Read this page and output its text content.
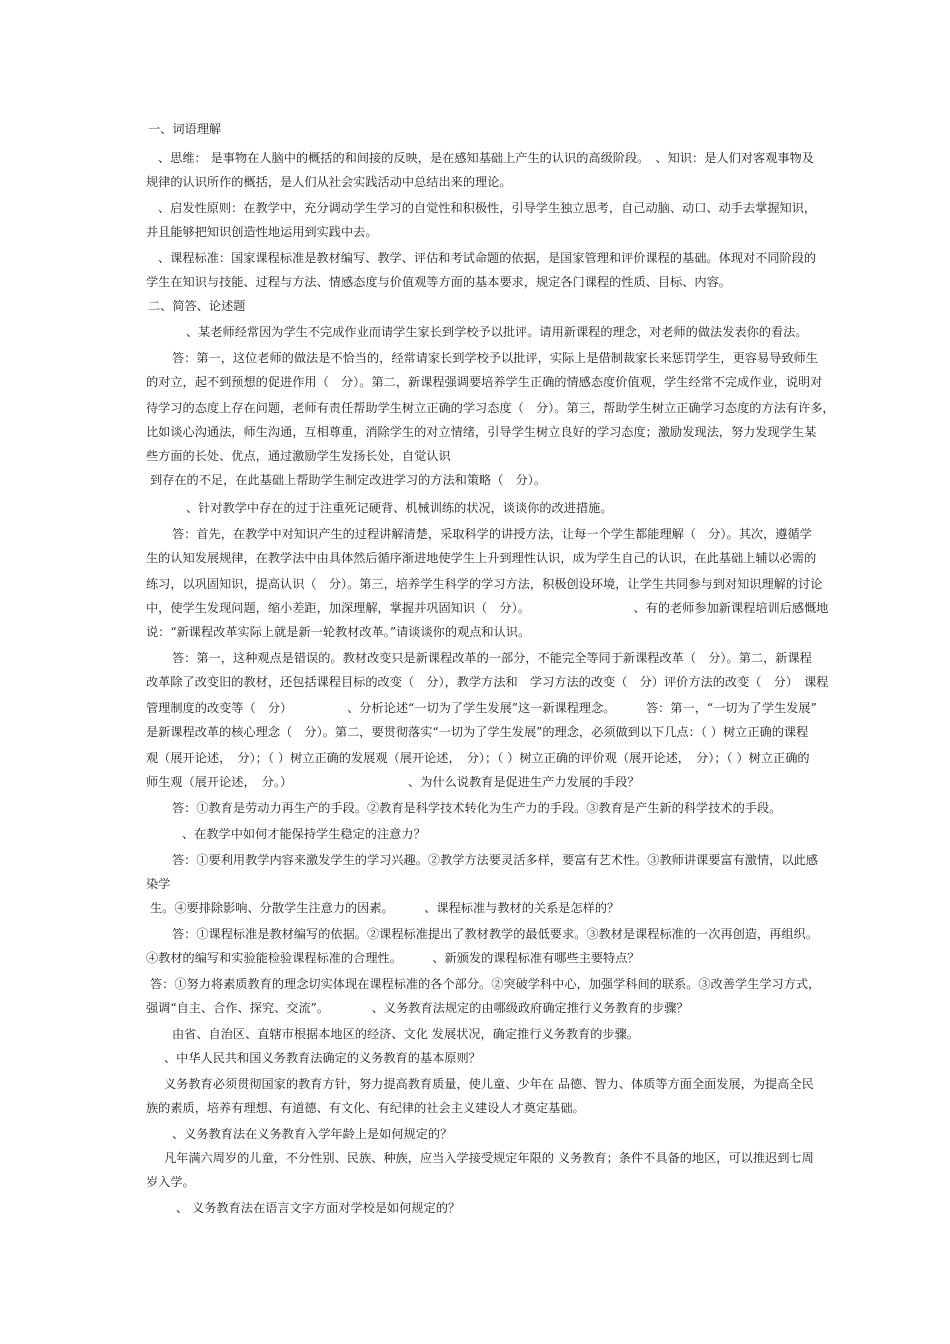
一、词语理解
、思维： 是事物在人脑中的概括的和间接的反映，是在感知基础上产生的认识的高级阶段。　、知识：是人们对客观事物及
规律的认识所作的概括，是人们从社会实践活动中总结出来的理论。
、启发性原则：在教学中，充分调动学生学习的自觉性和积极性，引导学生独立思考，自己动脑、动口、动手去掌握知识，
并且能够把知识创造性地运用到实践中去。
、课程标准：国家课程标准是教材编写、教学、评估和考试命题的依据，是国家管理和评价课程的基础。体现对不同阶段的
学生在知识与技能、过程与方法、情感态度与价值观等方面的基本要求，规定各门课程的性质、目标、内容。
二、简答、论述题
、某老师经常因为学生不完成作业而请学生家长到学校予以批评。请用新课程的理念，对老师的做法发表你的看法。
答：第一，这位老师的做法是不恰当的，经常请家长到学校予以批评，实际上是借制裁家长来惩罚学生，更容易导致师生
的对立，起不到预想的促进作用（　分）。第二，新课程强调要培养学生正确的情感态度价值观，学生经常不完成作业，说明对
待学习的态度上存在问题，老师有责任帮助学生树立正确的学习态度（　分）。第三，帮助学生树立正确学习态度的方法有许多，
比如谈心沟通法，师生沟通，互相尊重，消除学生的对立情绪，引导学生树立良好的学习态度；激励发现法，努力发现学生某
些方面的长处、优点，通过激励学生发扬长处，自觉认识
到存在的不足，在此基础上帮助学生制定改进学习的方法和策略（　分）。
、针对教学中存在的过于注重死记硬背、机械训练的状况，谈谈你的改进措施。
答：首先，在教学中对知识产生的过程讲解清楚，采取科学的讲授方法，让每一个学生都能理解（　分）。其次，遵循学
生的认知发展规律，在教学法中由具体然后循序渐进地使学生上升到理性认识，成为学生自己的认识，在此基础上辅以必需的
练习，以巩固知识，提高认识（　分）。第三，培养学生科学的学习方法，积极创设环境，让学生共同参与到对知识理解的讨论
中，使学生发现问题，缩小差距，加深理解，掌握并巩固知识（　分）。　　　　　　　　　、有的老师参加新课程培训后感慨地
说：“新课程改革实际上就是新一轮教材改革。”请谈谈你的观点和认识。
答：第一，这种观点是错误的。教材改变只是新课程改革的一部分，不能完全等同于新课程改革（　分）。第二，新课程
改革除了改变旧的教材，还包括课程目标的改变（　分），教学方法和　学习方法的改变（　分）评价方法的改变（　分）　课程
管理制度的改变等（　分）　　　　　、分析论述“一切为了学生发展”这一新课程理念。　　　答：第一，“一切为了学生发展”
是新课程改革的核心理念（　分）。第二，要贯彻落实“一切为了学生发展”的理念，必须做到以下几点：（ ）树立正确的课程
观（展开论述，　分）；（ ）树立正确的发展观（展开论述，　分）；（ ）树立正确的评价观（展开论述，　分）；（ ）树立正确的
师生观（展开论述，　分。）　　　　　　　　　　、为什么说教育是促进生产力发展的手段？
答：①教育是劳动力再生产的手段。②教育是科学技术转化为生产力的手段。③教育是产生新的科学技术的手段。
、在教学中如何才能保持学生稳定的注意力？
答：①要利用教学内容来激发学生的学习兴趣。②教学方法要灵活多样，要富有艺术性。③教师讲课要富有激情，以此感
染学
生。④要排除影响、分散学生注意力的因素。　　　、课程标准与教材的关系是怎样的？
答：①课程标准是教材编写的依据。②课程标准提出了教材教学的最低要求。③教材是课程标准的一次再创造，再组织。
④教材的编写和实验能检验课程标准的合理性。　　　、新颁发的课程标准有哪些主要特点？
答：①努力将素质教育的理念切实体现在课程标准的各个部分。②突破学科中心，加强学科间的联系。③改善学生学习方式，
强调“自主、合作、探究、交流”。　　　　、义务教育法规定的由哪级政府确定推行义务教育的步骤？
由省、自治区、直辖市根据本地区的经济、文化 发展状况，确定推行义务教育的步骤。
、中华人民共和国义务教育法确定的义务教育的基本原则？
义务教育必须贯彻国家的教育方针，努力提高教育质量，使儿童、少年在 品德、智力、体质等方面全面发展，为提高全民
族的素质，培养有理想、有道德、有文化、有纪律的社会主义建设人才奠定基础。
、义务教育法在义务教育入学年龄上是如何规定的？
凡年满六周岁的儿童，不分性别、民族、种族，应当入学接受规定年限的 义务教育；条件不具备的地区，可以推迟到七周
岁入学。
、 义务教育法在语言文字方面对学校是如何规定的？
